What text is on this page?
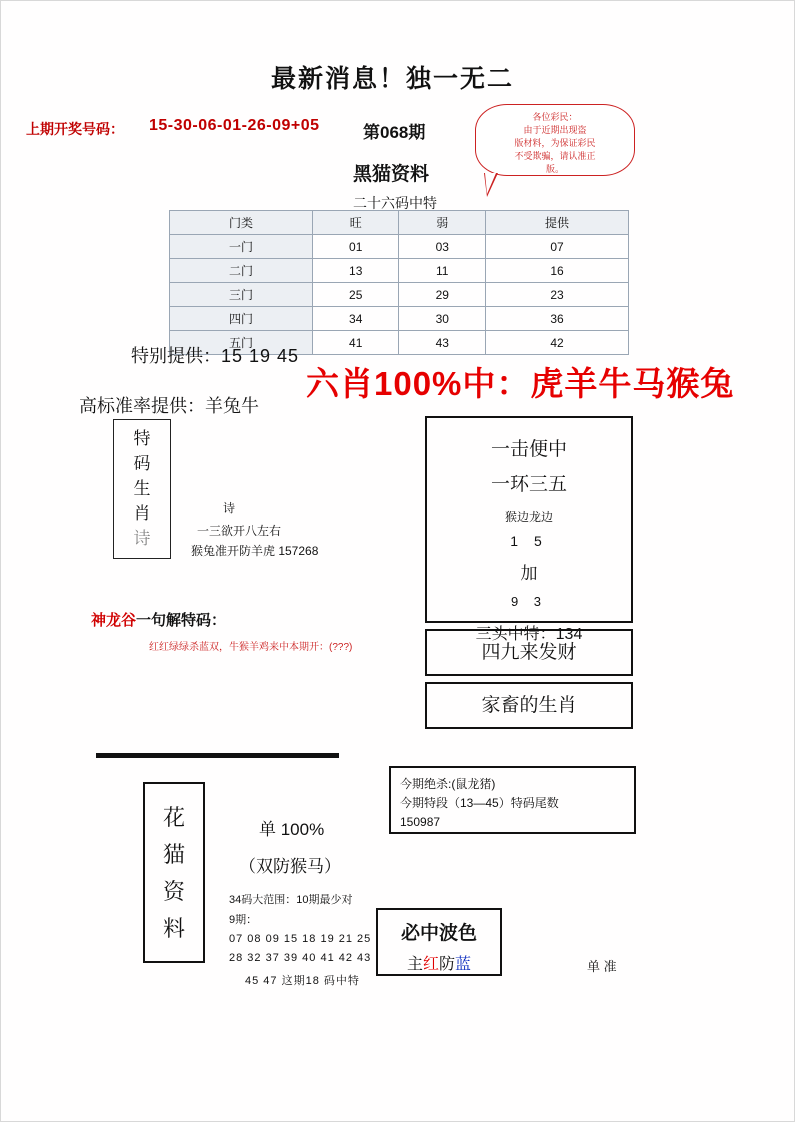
最新消息！独一无二
上期开奖号码： 15-30-06-01-26-09+05	第068期
黑猫资料
二十六码中特
各位彩民：
由于近期出现盗
版材料，为保证彩民
不受欺骗，请认准正
版。
门类	旺	弱	提供
一门	01	03	07
二门	13	11	16
三门	25	29	23
四门	34	30	36
五门	41	43	42
特别提供：15 19 45
高标准率提供：羊兔牛
六肖100%中：虎羊牛马猴兔
特
码
生
肖
诗
诗
一三欲开八左右
猴兔准开防羊虎 157268
神龙谷一句解特码：
红红绿绿杀蓝双，牛猴羊鸡来中本期开：(???)
一击便中
一环三五
猴边龙边
1 5
加
9 3
三头中特：134
四九来发财
家畜的生肖
今期绝杀:(鼠龙猪)
今期特段（13—45）特码尾数
150987
花
猫
资
料
单 100%
（双防猴马）
34码大范围：10期最少对
9期：
07 08 09 15 18 19 21 25
28 32 37 39 40 41 42 43
45 47 这期18 码中特
必中波色
主红防蓝	单 准
